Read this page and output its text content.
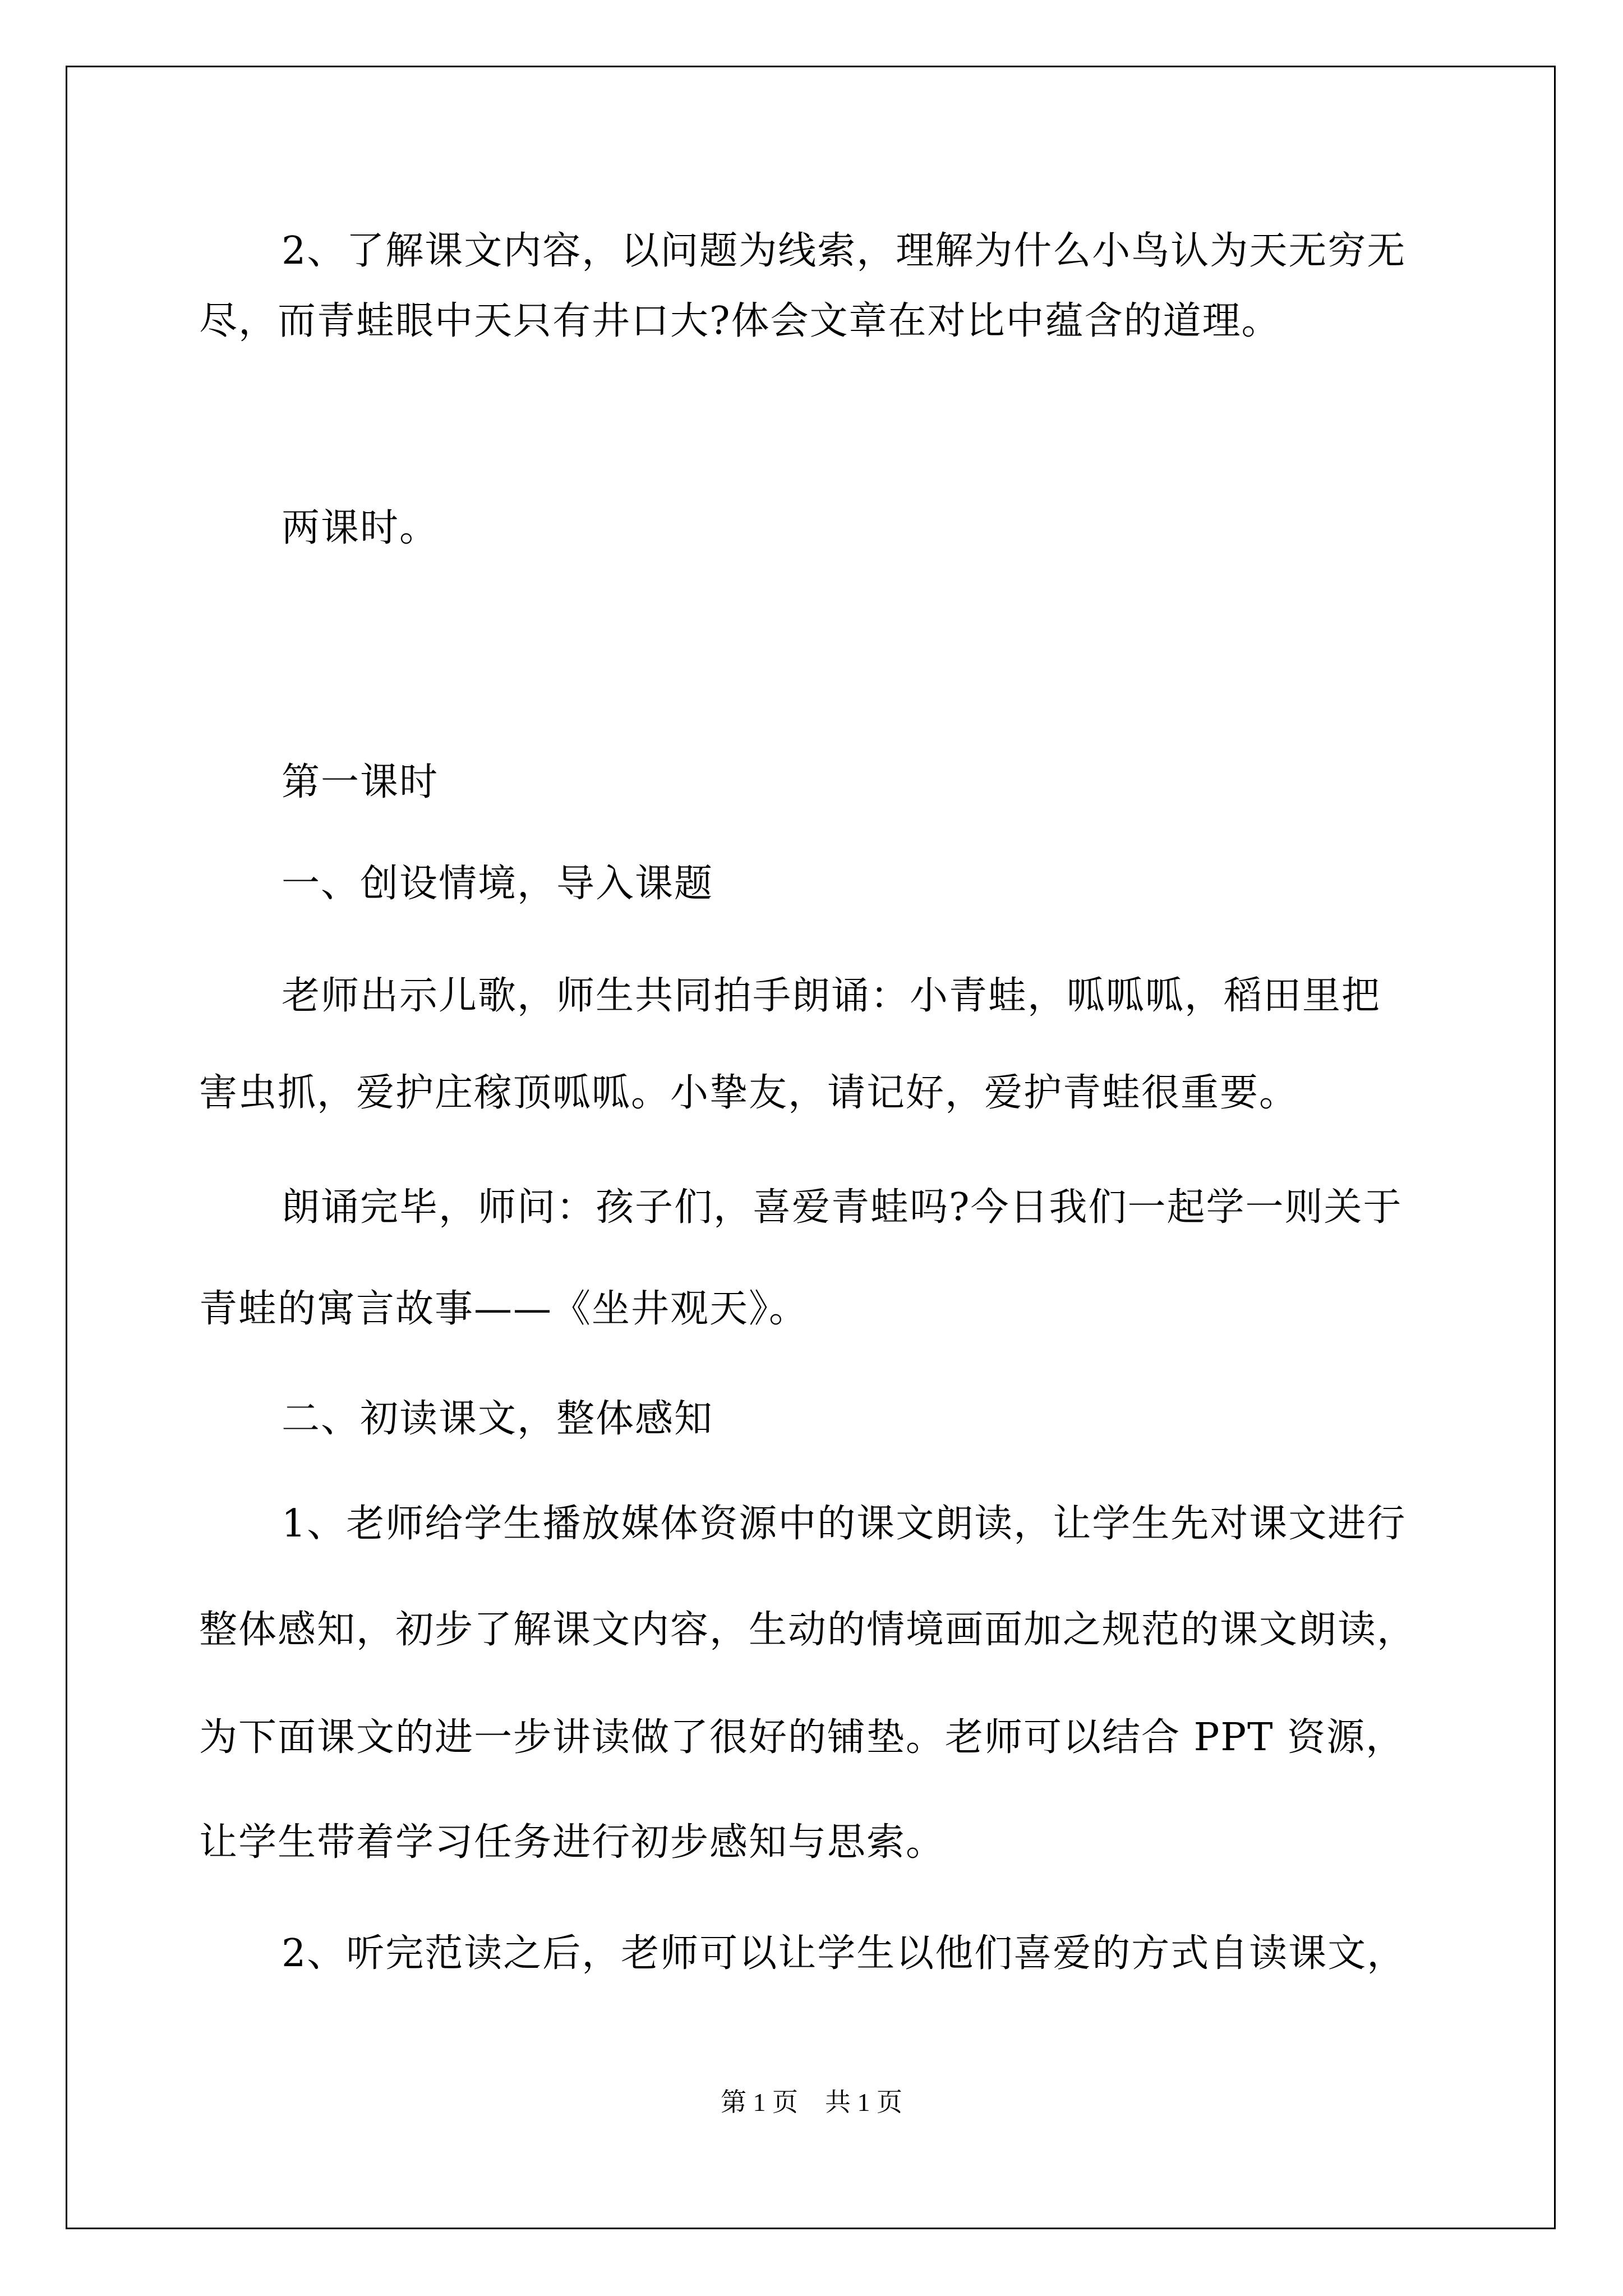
2、了解课文内容，以问题为线索，理解为什么小鸟认为天无穷无
尽，而青蛙眼中天只有井口大?体会文章在对比中蕴含的道理。
两课时。
第一课时
一、创设情境，导入课题
老师出示儿歌，师生共同拍手朗诵：小青蛙，呱呱呱，稻田里把
害虫抓，爱护庄稼顶呱呱。小挚友，请记好，爱护青蛙很重要。
朗诵完毕，师问：孩子们，喜爱青蛙吗?今日我们一起学一则关于
青蛙的寓言故事——《坐井观天》。
二、初读课文，整体感知
1、老师给学生播放媒体资源中的课文朗读，让学生先对课文进行
整体感知，初步了解课文内容，生动的情境画面加之规范的课文朗读，
为下面课文的进一步讲读做了很好的铺垫。老师可以结合 PPT 资源，
让学生带着学习任务进行初步感知与思索。
2、听完范读之后，老师可以让学生以他们喜爱的方式自读课文，
第 1 页 共 1 页
